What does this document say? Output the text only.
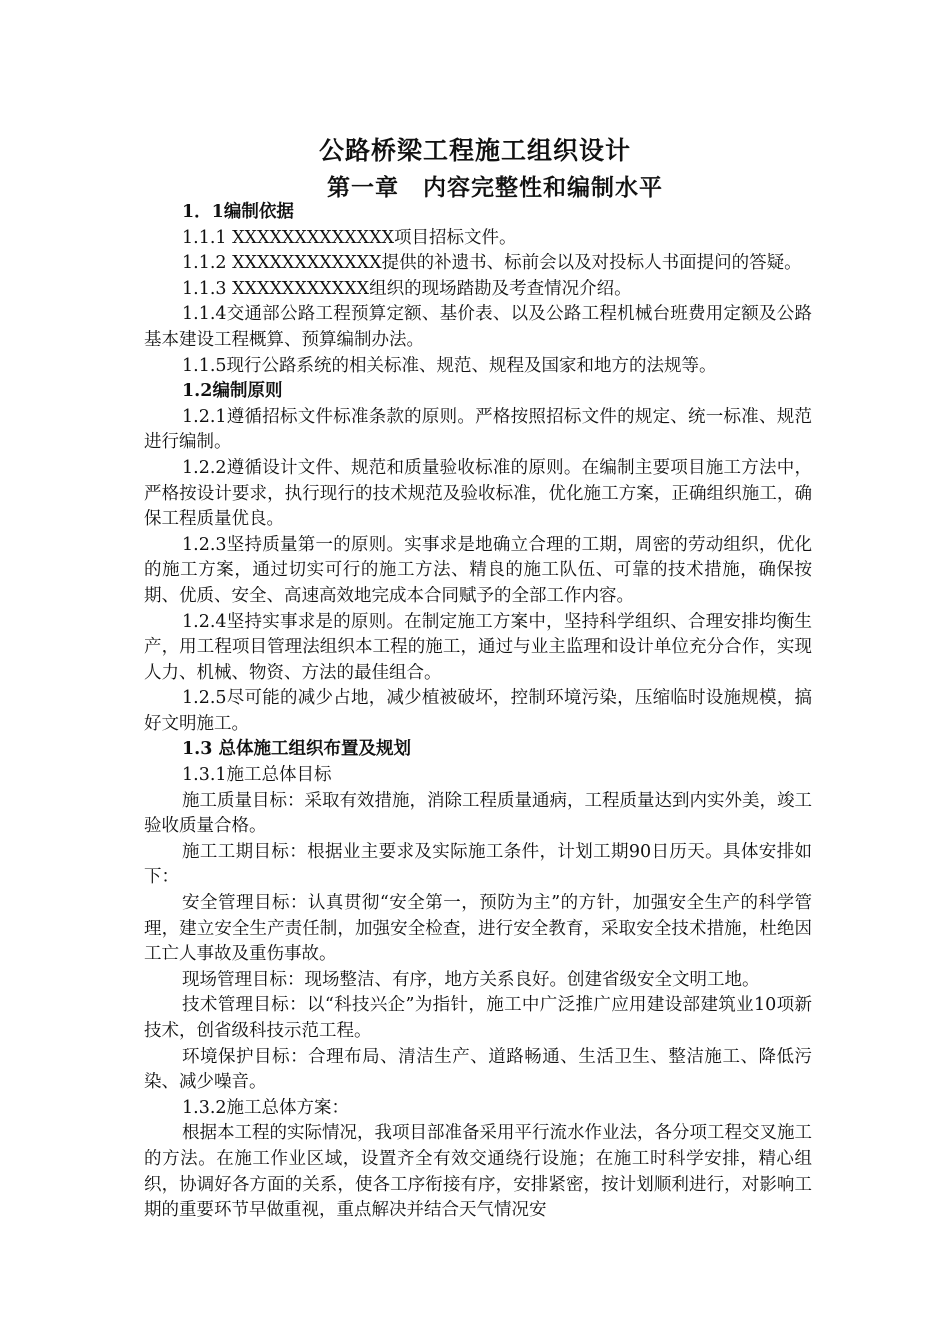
公路桥梁工程施工组织设计
第一章　内容完整性和编制水平

1．1编制依据

1.1.1 XXXXXXXXXXXXX项目招标文件。

1.1.2 XXXXXXXXXXXX提供的补遗书、标前会以及对投标人书面提问的答疑。

1.1.3 XXXXXXXXXXX组织的现场踏勘及考查情况介绍。

1.1.4交通部公路工程预算定额、基价表、以及公路工程机械台班费用定额及公路基本建设工程概算、预算编制办法。

1.1.5现行公路系统的相关标准、规范、规程及国家和地方的法规等。

1.2编制原则

1.2.1遵循招标文件标准条款的原则。严格按照招标文件的规定、统一标准、规范进行编制。

1.2.2遵循设计文件、规范和质量验收标准的原则。在编制主要项目施工方法中，严格按设计要求，执行现行的技术规范及验收标准，优化施工方案，正确组织施工，确保工程质量优良。

1.2.3坚持质量第一的原则。实事求是地确立合理的工期，周密的劳动组织，优化的施工方案，通过切实可行的施工方法、精良的施工队伍、可靠的技术措施，确保按期、优质、安全、高速高效地完成本合同赋予的全部工作内容。

1.2.4坚持实事求是的原则。在制定施工方案中，坚持科学组织、合理安排均衡生产，用工程项目管理法组织本工程的施工，通过与业主监理和设计单位充分合作，实现人力、机械、物资、方法的最佳组合。

1.2.5尽可能的减少占地，减少植被破坏，控制环境污染，压缩临时设施规模，搞好文明施工。

1.3 总体施工组织布置及规划

1.3.1施工总体目标

施工质量目标：采取有效措施，消除工程质量通病，工程质量达到内实外美，竣工验收质量合格。

施工工期目标：根据业主要求及实际施工条件，计划工期90日历天。具体安排如下：

安全管理目标：认真贯彻“安全第一，预防为主”的方针，加强安全生产的科学管理，建立安全生产责任制，加强安全检查，进行安全教育，采取安全技术措施，杜绝因工亡人事故及重伤事故。

现场管理目标：现场整洁、有序，地方关系良好。创建省级安全文明工地。

技术管理目标：以“科技兴企”为指针，施工中广泛推广应用建设部建筑业10项新技术，创省级科技示范工程。

环境保护目标：合理布局、清洁生产、道路畅通、生活卫生、整洁施工、降低污染、减少噪音。

1.3.2施工总体方案：

根据本工程的实际情况，我项目部准备采用平行流水作业法，各分项工程交叉施工的方法。在施工作业区域，设置齐全有效交通绕行设施；在施工时科学安排，精心组织，协调好各方面的关系，使各工序衔接有序，安排紧密，按计划顺利进行，对影响工期的重要环节早做重视，重点解决并结合天气情况安
